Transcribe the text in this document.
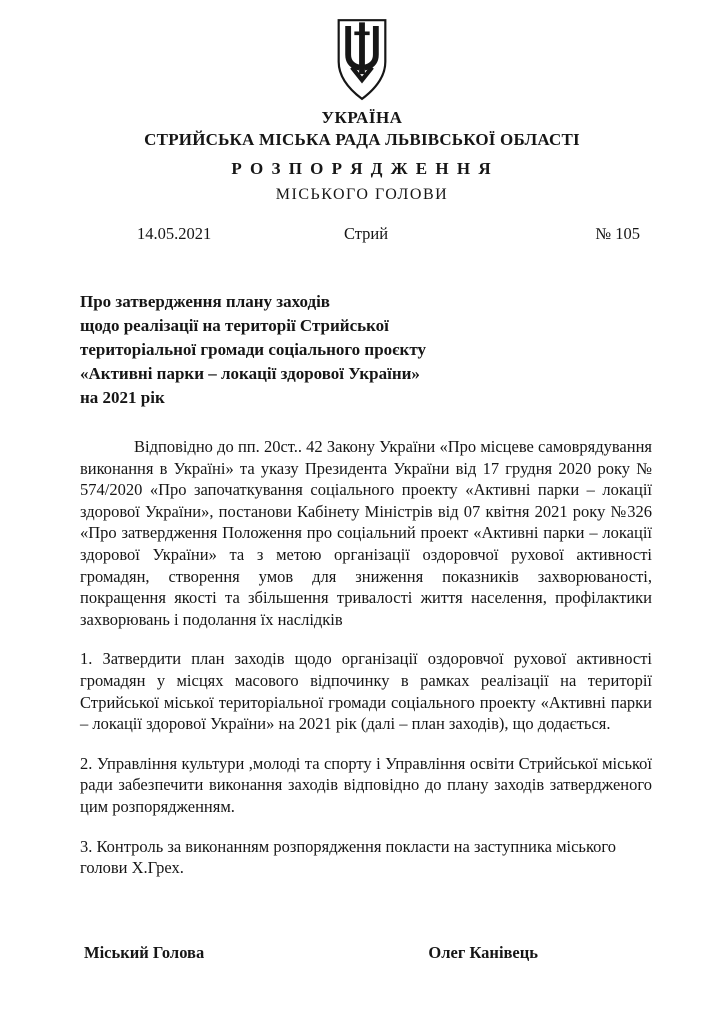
УКРАЇНА
СТРИЙСЬКА МІСЬКА РАДА ЛЬВІВСЬКОЇ ОБЛАСТІ
Р О З П О Р Я Д Ж Е Н Н Я
МІСЬКОГО ГОЛОВИ
14.05.2021	Стрий	№ 105
Про затвердження плану заходів
щодо реалізації на території Стрийської
територіальної громади соціального проєкту
«Активні парки – локації здорової України»
на 2021 рік

Відповідно до пп. 20ст.. 42 Закону України «Про місцеве самоврядування виконання в Україні» та указу Президента України від 17 грудня 2020 року № 574/2020 «Про започаткування соціального проекту «Активні парки – локації здорової України», постанови Кабінету Міністрів від 07 квітня 2021 року №326 «Про затвердження Положення про соціальний проект «Активні парки – локації здорової України» та з метою організації оздоровчої рухової активності громадян, створення умов для зниження показників захворюваності, покращення якості та збільшення тривалості життя населення, профілактики захворювань і подолання їх наслідків

1. Затвердити план заходів щодо організації оздоровчої рухової активності громадян у місцях масового відпочинку в рамках реалізації на території Стрийської міської територіальної громади соціального проекту «Активні парки – локації здорової України» на 2021 рік (далі – план заходів), що додається.

2. Управління культури ,молоді та спорту і Управління освіти Стрийської міської ради забезпечити виконання заходів відповідно до плану заходів затвердженого цим розпорядженням.

3. Контроль за виконанням розпорядження покласти на заступника міського голови Х.Грех.

Міський Голова	Олег Канівець
